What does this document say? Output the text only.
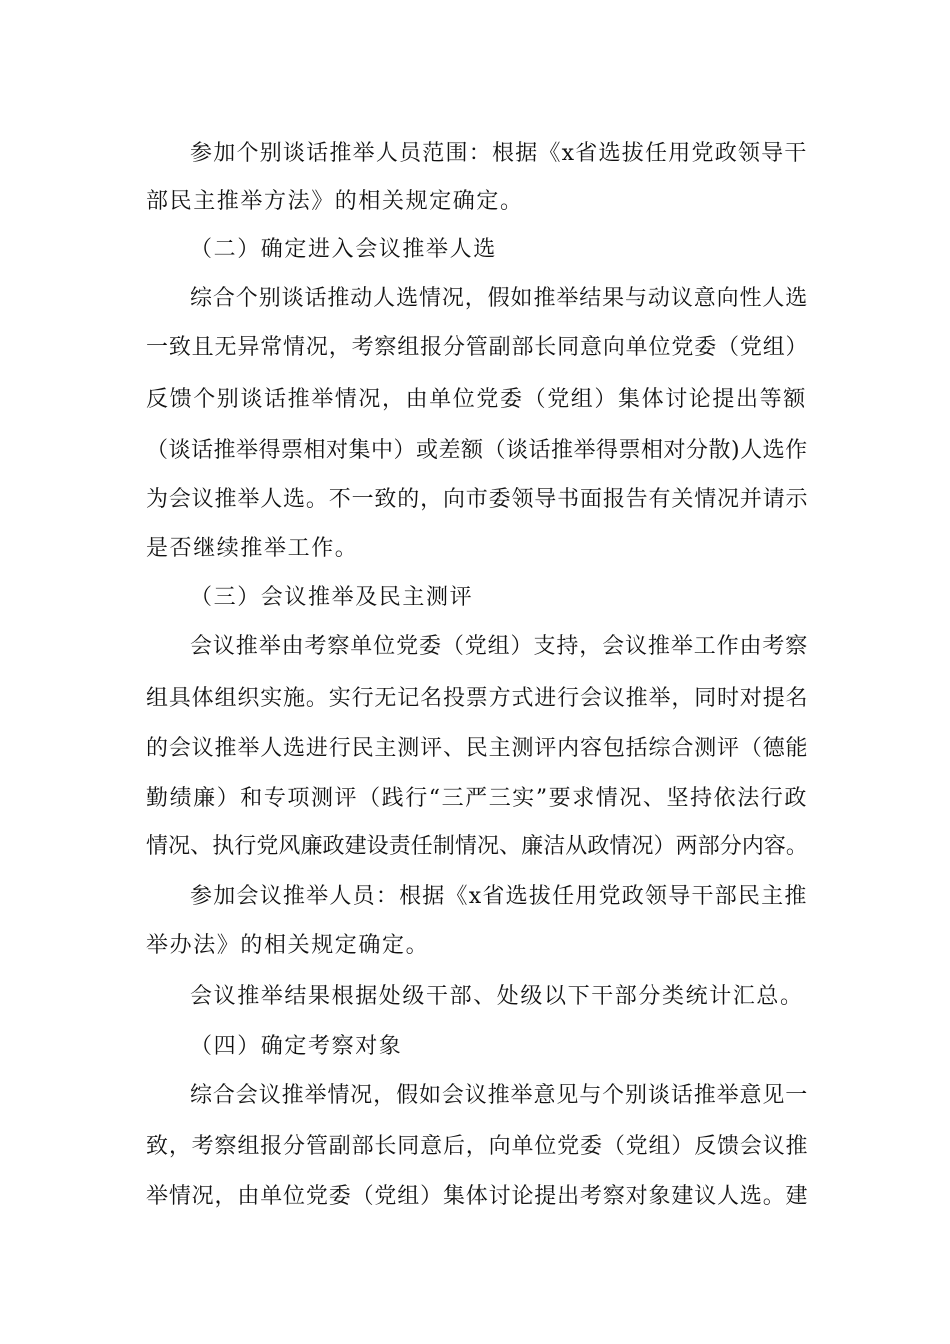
参加个别谈话推举人员范围：根据《x省选拔任用党政领导干
部民主推举方法》的相关规定确定。
（二）确定进入会议推举人选
综合个别谈话推动人选情况，假如推举结果与动议意向性人选
一致且无异常情况，考察组报分管副部长同意向单位党委（党组）
反馈个别谈话推举情况，由单位党委（党组）集体讨论提出等额
（谈话推举得票相对集中）或差额（谈话推举得票相对分散)人选作
为会议推举人选。不一致的，向市委领导书面报告有关情况并请示
是否继续推举工作。
（三）会议推举及民主测评
会议推举由考察单位党委（党组）支持，会议推举工作由考察
组具体组织实施。实行无记名投票方式进行会议推举，同时对提名
的会议推举人选进行民主测评、民主测评内容包括综合测评（德能
勤绩廉）和专项测评（践行“三严三实”要求情况、坚持依法行政
情况、执行党风廉政建设责任制情况、廉洁从政情况）两部分内容。
参加会议推举人员：根据《x省选拔任用党政领导干部民主推
举办法》的相关规定确定。
会议推举结果根据处级干部、处级以下干部分类统计汇总。
（四）确定考察对象
综合会议推举情况，假如会议推举意见与个别谈话推举意见一
致，考察组报分管副部长同意后，向单位党委（党组）反馈会议推
举情况，由单位党委（党组）集体讨论提出考察对象建议人选。建
